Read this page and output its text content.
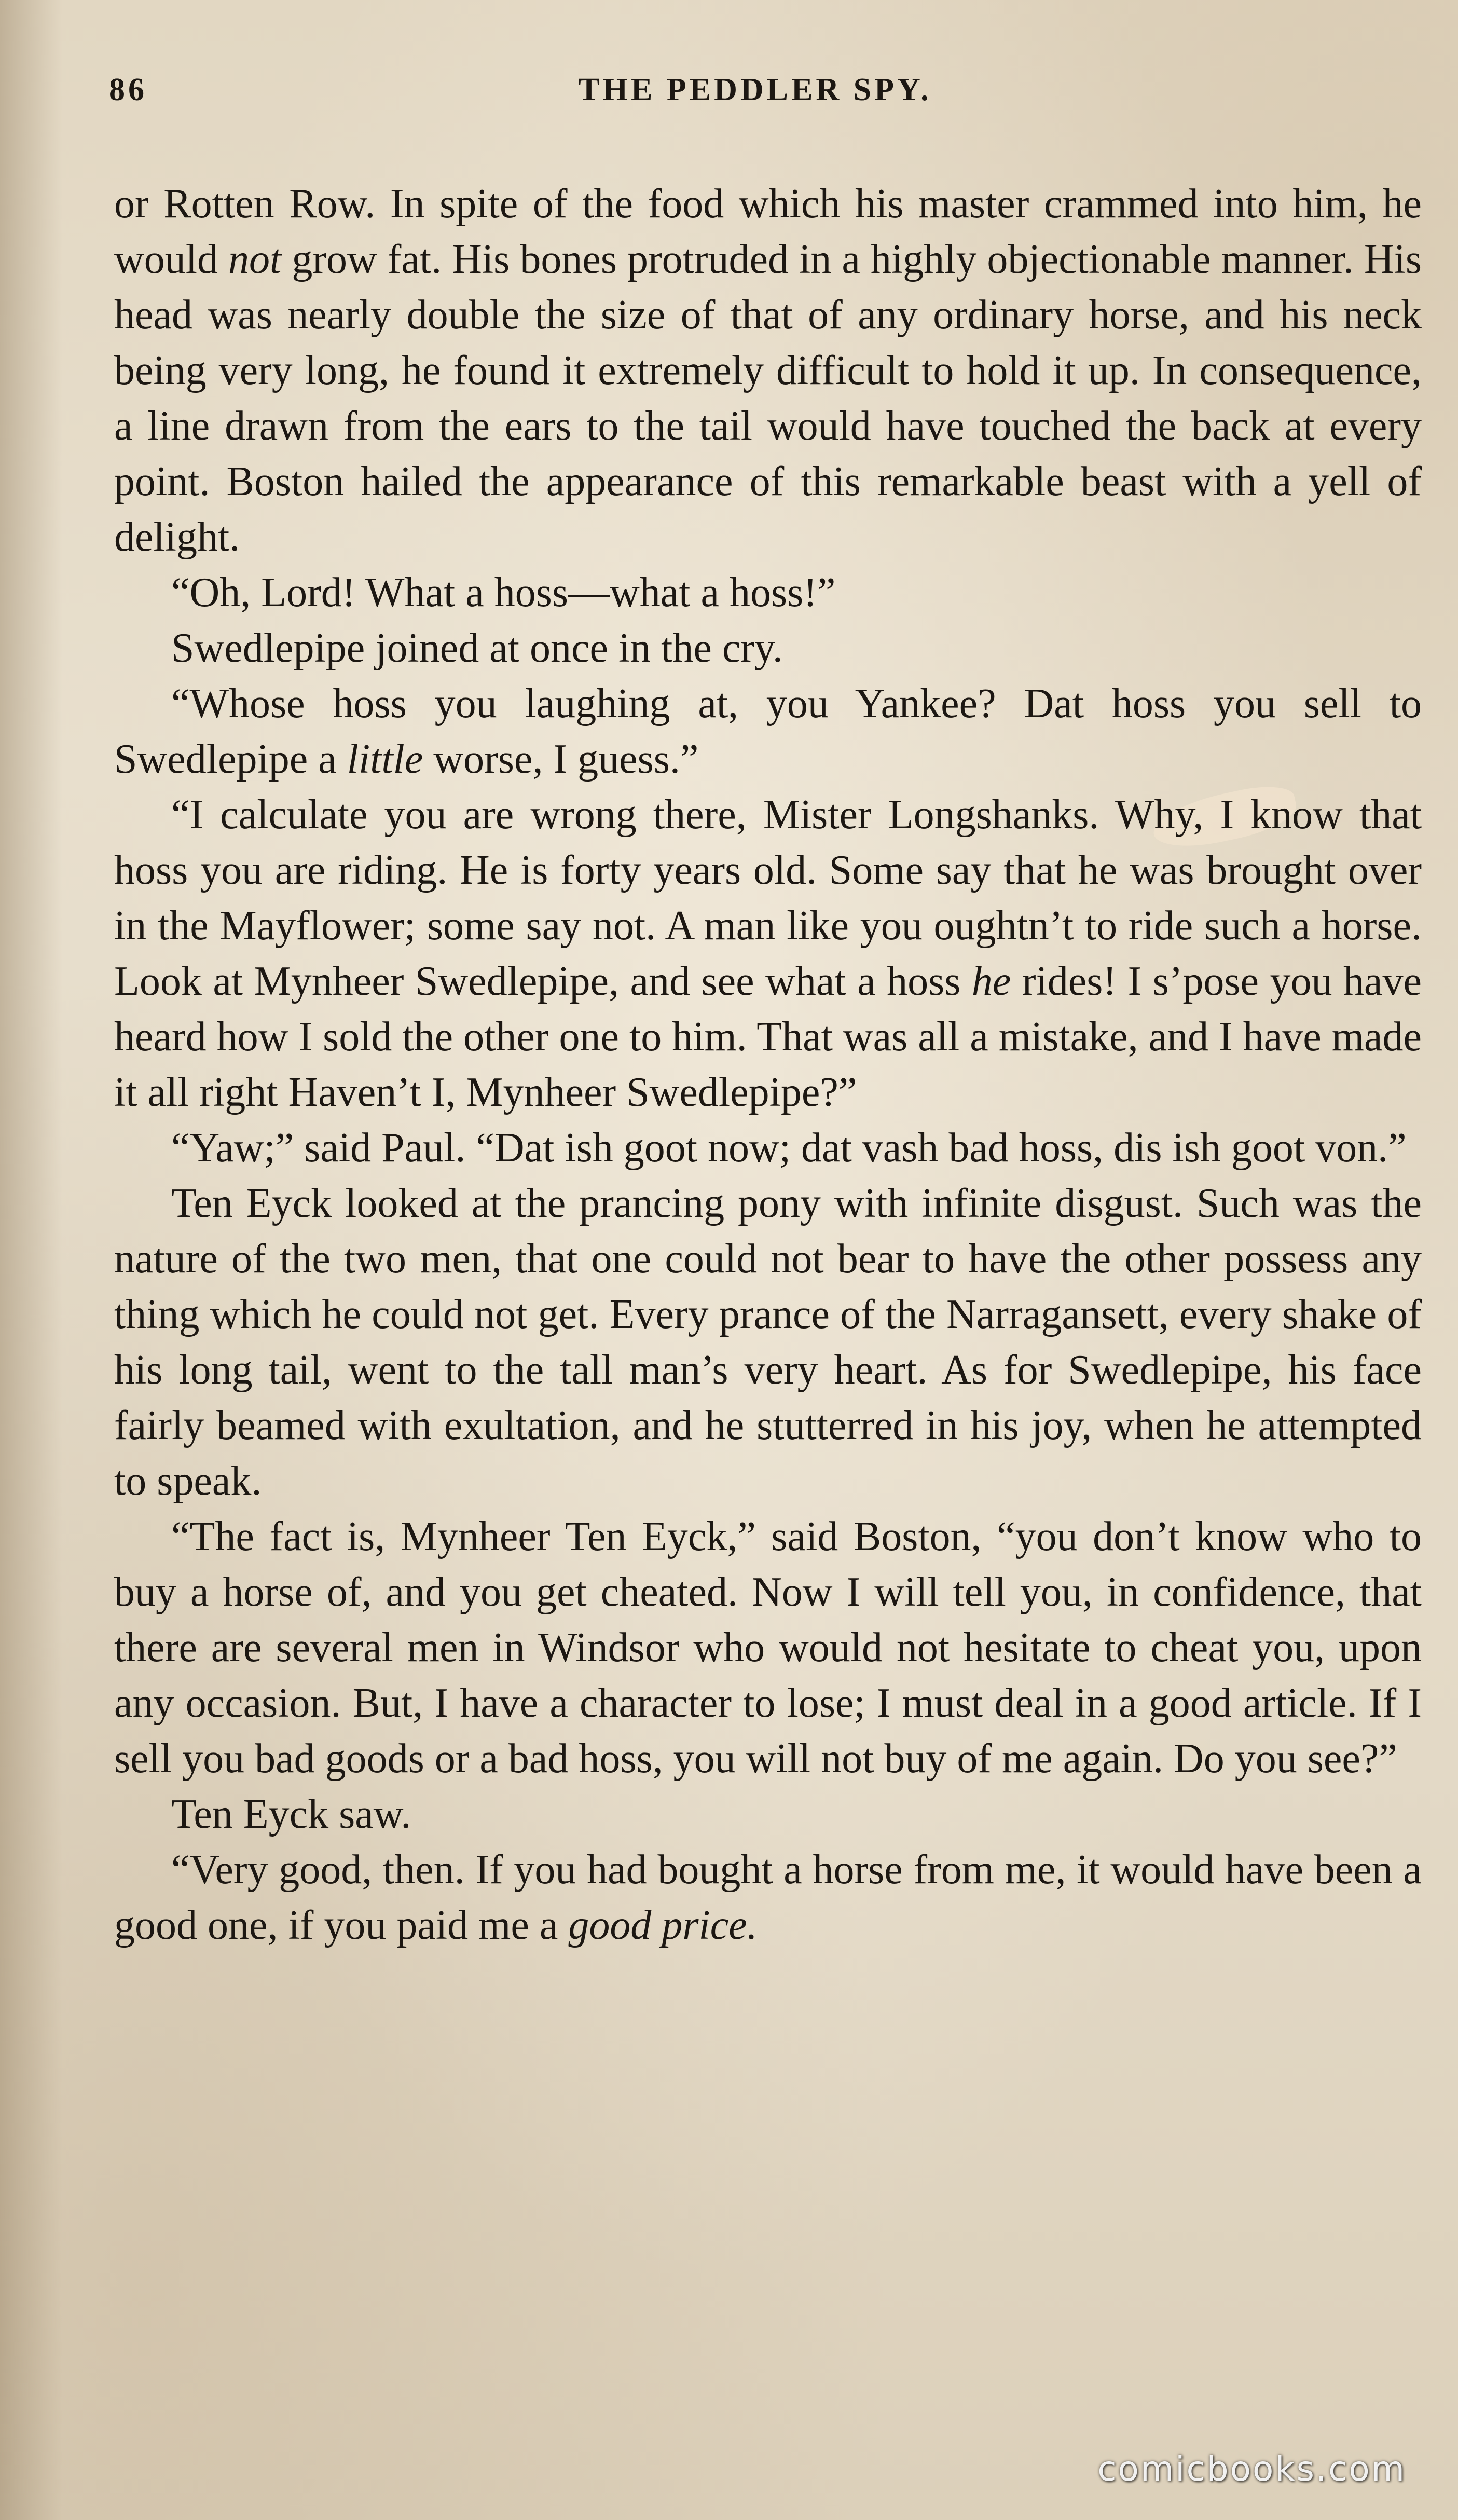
86	THE PEDDLER SPY.

or Rotten Row. In spite of the food which his master crammed into him, he would not grow fat. His bones protruded in a highly objectionable manner. His head was nearly double the size of that of any ordinary horse, and his neck being very long, he found it extremely difficult to hold it up. In consequence, a line drawn from the ears to the tail would have touched the back at every point. Boston hailed the appearance of this remarkable beast with a yell of delight.

“Oh, Lord! What a hoss—what a hoss!”

Swedlepipe joined at once in the cry.

“Whose hoss you laughing at, you Yankee? Dat hoss you sell to Swedlepipe a little worse, I guess.”

“I calculate you are wrong there, Mister Longshanks. Why, I know that hoss you are riding. He is forty years old. Some say that he was brought over in the Mayflower; some say not. A man like you oughtn’t to ride such a horse. Look at Mynheer Swedlepipe, and see what a hoss he rides! I s’pose you have heard how I sold the other one to him. That was all a mistake, and I have made it all right Haven’t I, Mynheer Swedlepipe?”

“Yaw;” said Paul. “Dat ish goot now; dat vash bad hoss, dis ish goot von.”

Ten Eyck looked at the prancing pony with infinite disgust. Such was the nature of the two men, that one could not bear to have the other possess any thing which he could not get. Every prance of the Narragansett, every shake of his long tail, went to the tall man’s very heart. As for Swedlepipe, his face fairly beamed with exultation, and he stutterred in his joy, when he attempted to speak.

“The fact is, Mynheer Ten Eyck,” said Boston, “you don’t know who to buy a horse of, and you get cheated. Now I will tell you, in confidence, that there are several men in Windsor who would not hesitate to cheat you, upon any occasion. But, I have a character to lose; I must deal in a good article. If I sell you bad goods or a bad hoss, you will not buy of me again. Do you see?”

Ten Eyck saw.

“Very good, then. If you had bought a horse from me, it would have been a good one, if you paid me a good price.

comicbooks.com
